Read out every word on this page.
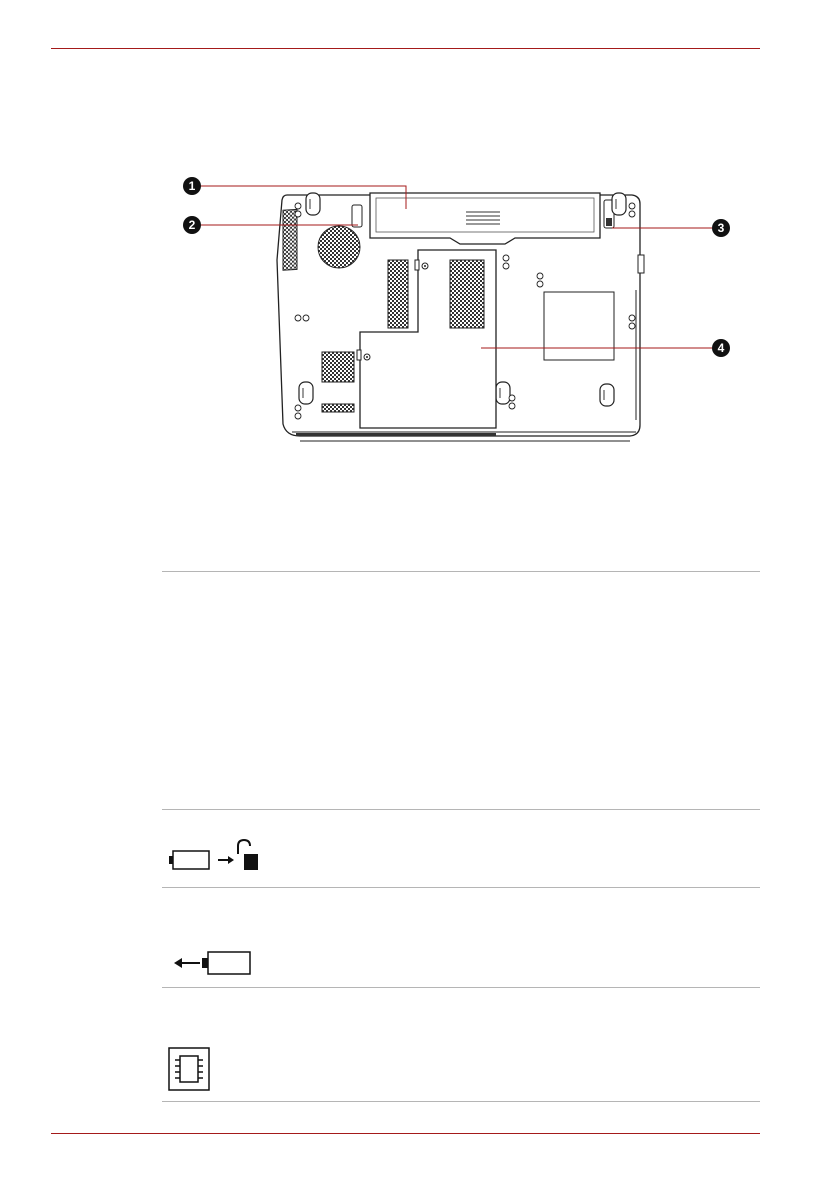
1
2	3
4
